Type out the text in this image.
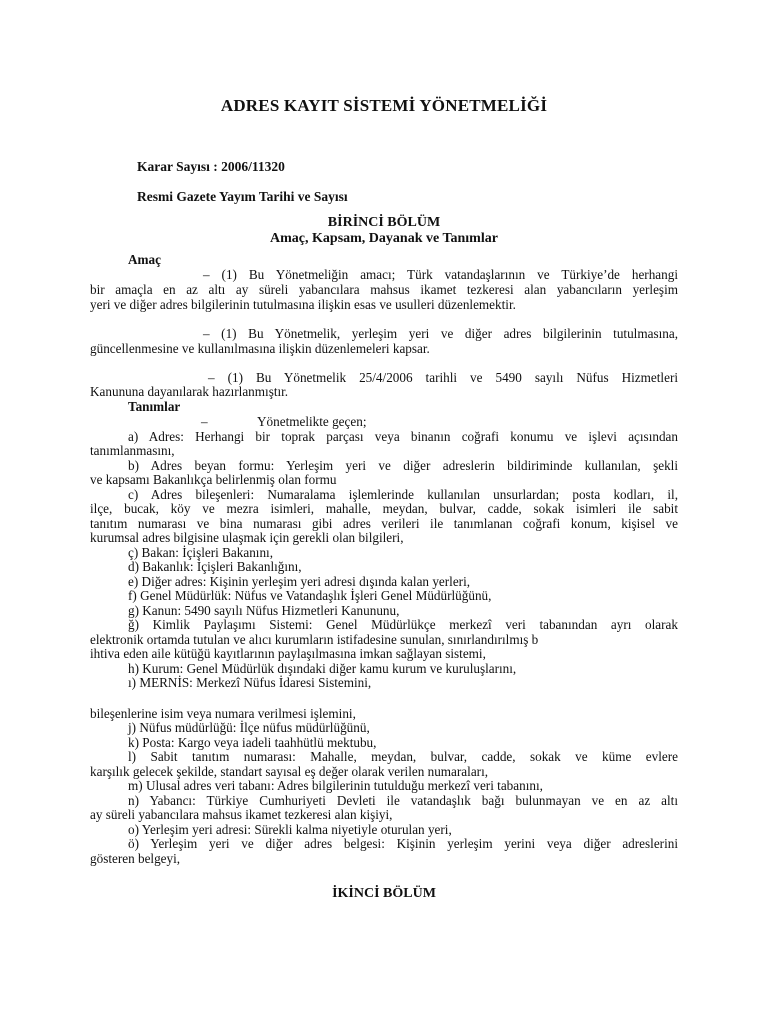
ADRES KAYIT SİSTEMİ YÖNETMELİĞİ
Karar Sayısı : 2006/11320
Resmi Gazete Yayım Tarihi ve Sayısı
BİRİNCİ BÖLÜM
Amaç, Kapsam, Dayanak ve Tanımlar
Amaç
– (1) Bu Yönetmeliğin amacı; Türk vatandaşlarının ve Türkiye’de herhangi
bir amaçla en az altı ay süreli yabancılara mahsus ikamet tezkeresi alan yabancıların yerleşim
yeri ve diğer adres bilgilerinin tutulmasına ilişkin esas ve usulleri düzenlemektir.
– (1) Bu Yönetmelik, yerleşim yeri ve diğer adres bilgilerinin tutulmasına,
güncellenmesine ve kullanılmasına ilişkin düzenlemeleri kapsar.
– (1) Bu Yönetmelik 25/4/2006 tarihli ve 5490 sayılı Nüfus Hizmetleri
Kanununa dayanılarak hazırlanmıştır.
Tanımlar
–	Yönetmelikte geçen;
a) Adres: Herhangi bir toprak parçası veya binanın coğrafi konumu ve işlevi açısından
tanımlanmasını,
b) Adres beyan formu: Yerleşim yeri ve diğer adreslerin bildiriminde kullanılan, şekli
ve kapsamı Bakanlıkça belirlenmiş olan formu
c) Adres bileşenleri: Numaralama işlemlerinde kullanılan unsurlardan; posta kodları, il,
ilçe, bucak, köy ve mezra isimleri, mahalle, meydan, bulvar, cadde, sokak isimleri ile sabit
tanıtım numarası ve bina numarası gibi adres verileri ile tanımlanan coğrafi konum, kişisel ve
kurumsal adres bilgisine ulaşmak için gerekli olan bilgileri,
ç) Bakan: İçişleri Bakanını,
d) Bakanlık: İçişleri Bakanlığını,
e) Diğer adres: Kişinin yerleşim yeri adresi dışında kalan yerleri,
f) Genel Müdürlük: Nüfus ve Vatandaşlık İşleri Genel Müdürlüğünü,
g) Kanun: 5490 sayılı Nüfus Hizmetleri Kanununu,
ğ) Kimlik Paylaşımı Sistemi: Genel Müdürlükçe merkezî veri tabanından ayrı olarak
elektronik ortamda tutulan ve alıcı kurumların istifadesine sunulan, sınırlandırılmış b
ihtiva eden aile kütüğü kayıtlarının paylaşılmasına imkan sağlayan sistemi,
h) Kurum: Genel Müdürlük dışındaki diğer kamu kurum ve kuruluşlarını,
ı) MERNİS: Merkezî Nüfus İdaresi Sistemini,
bileşenlerine isim veya numara verilmesi işlemini,
j) Nüfus müdürlüğü: İlçe nüfus müdürlüğünü,
k) Posta: Kargo veya iadeli taahhütlü mektubu,
l) Sabit tanıtım numarası: Mahalle, meydan, bulvar, cadde, sokak ve küme evlere
karşılık gelecek şekilde, standart sayısal eş değer olarak verilen numaraları,
m) Ulusal adres veri tabanı: Adres bilgilerinin tutulduğu merkezî veri tabanını,
n) Yabancı: Türkiye Cumhuriyeti Devleti ile vatandaşlık bağı bulunmayan ve en az altı
ay süreli yabancılara mahsus ikamet tezkeresi alan kişiyi,
o) Yerleşim yeri adresi: Sürekli kalma niyetiyle oturulan yeri,
ö) Yerleşim yeri ve diğer adres belgesi: Kişinin yerleşim yerini veya diğer adreslerini
gösteren belgeyi,
İKİNCİ BÖLÜM
